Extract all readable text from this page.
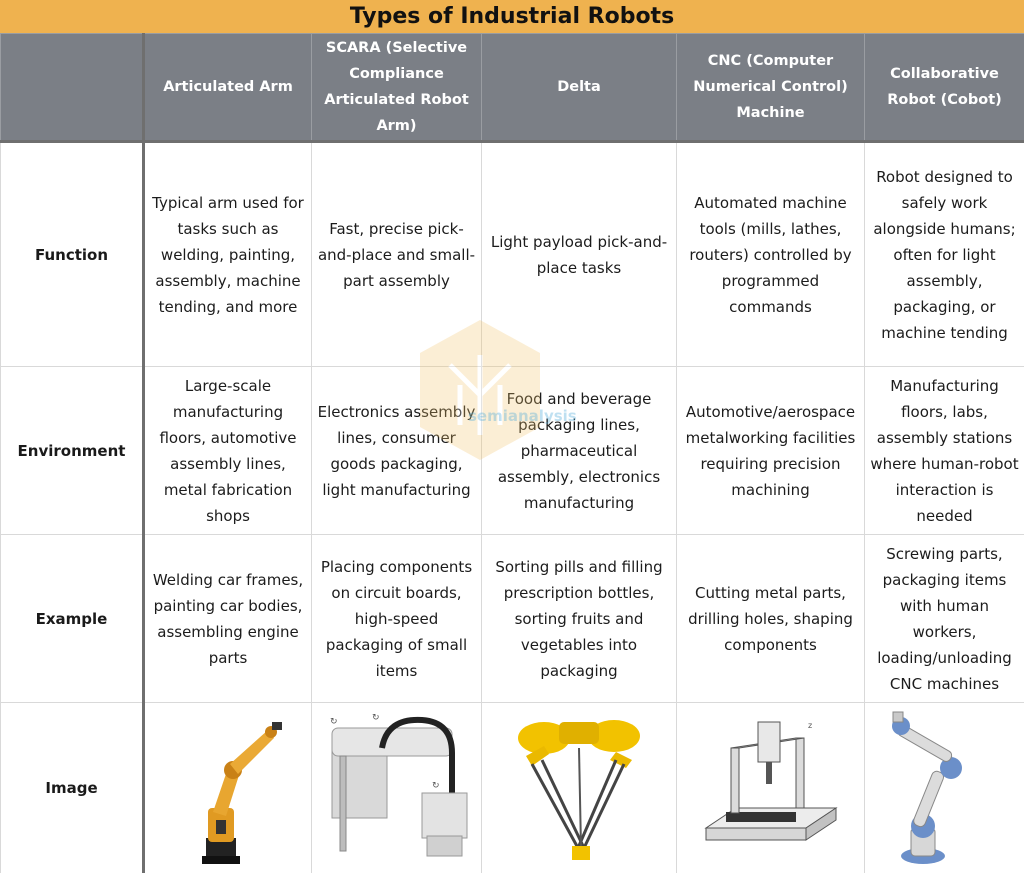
Types of Industrial Robots
	Articulated Arm	SCARA (Selective Compliance Articulated Robot Arm)	Delta	CNC (Computer Numerical Control) Machine	Collaborative Robot (Cobot)
Function	Typical arm used for tasks such as welding, painting, assembly, machine tending, and more	Fast, precise pick-and-place and small-part assembly	Light payload pick-and-place tasks	Automated machine tools (mills, lathes, routers) controlled by programmed commands	Robot designed to safely work alongside humans; often for light assembly, packaging, or machine tending
Environment	Large-scale manufacturing floors, automotive assembly lines, metal fabrication shops	Electronics assembly lines, consumer goods packaging, light manufacturing	Food and beverage packaging lines, pharmaceutical assembly, electronics manufacturing	Automotive/aerospace metalworking facilities requiring precision machining	Manufacturing floors, labs, assembly stations where human-robot interaction is needed
Example	Welding car frames, painting car bodies, assembling engine parts	Placing components on circuit boards, high-speed packaging of small items	Sorting pills and filling prescription bottles, sorting fruits and vegetables into packaging	Cutting metal parts, drilling holes, shaping components	Screwing parts, packaging items with human workers, loading/unloading CNC machines
Image		↻ ↻
↻		z

semianalysis
